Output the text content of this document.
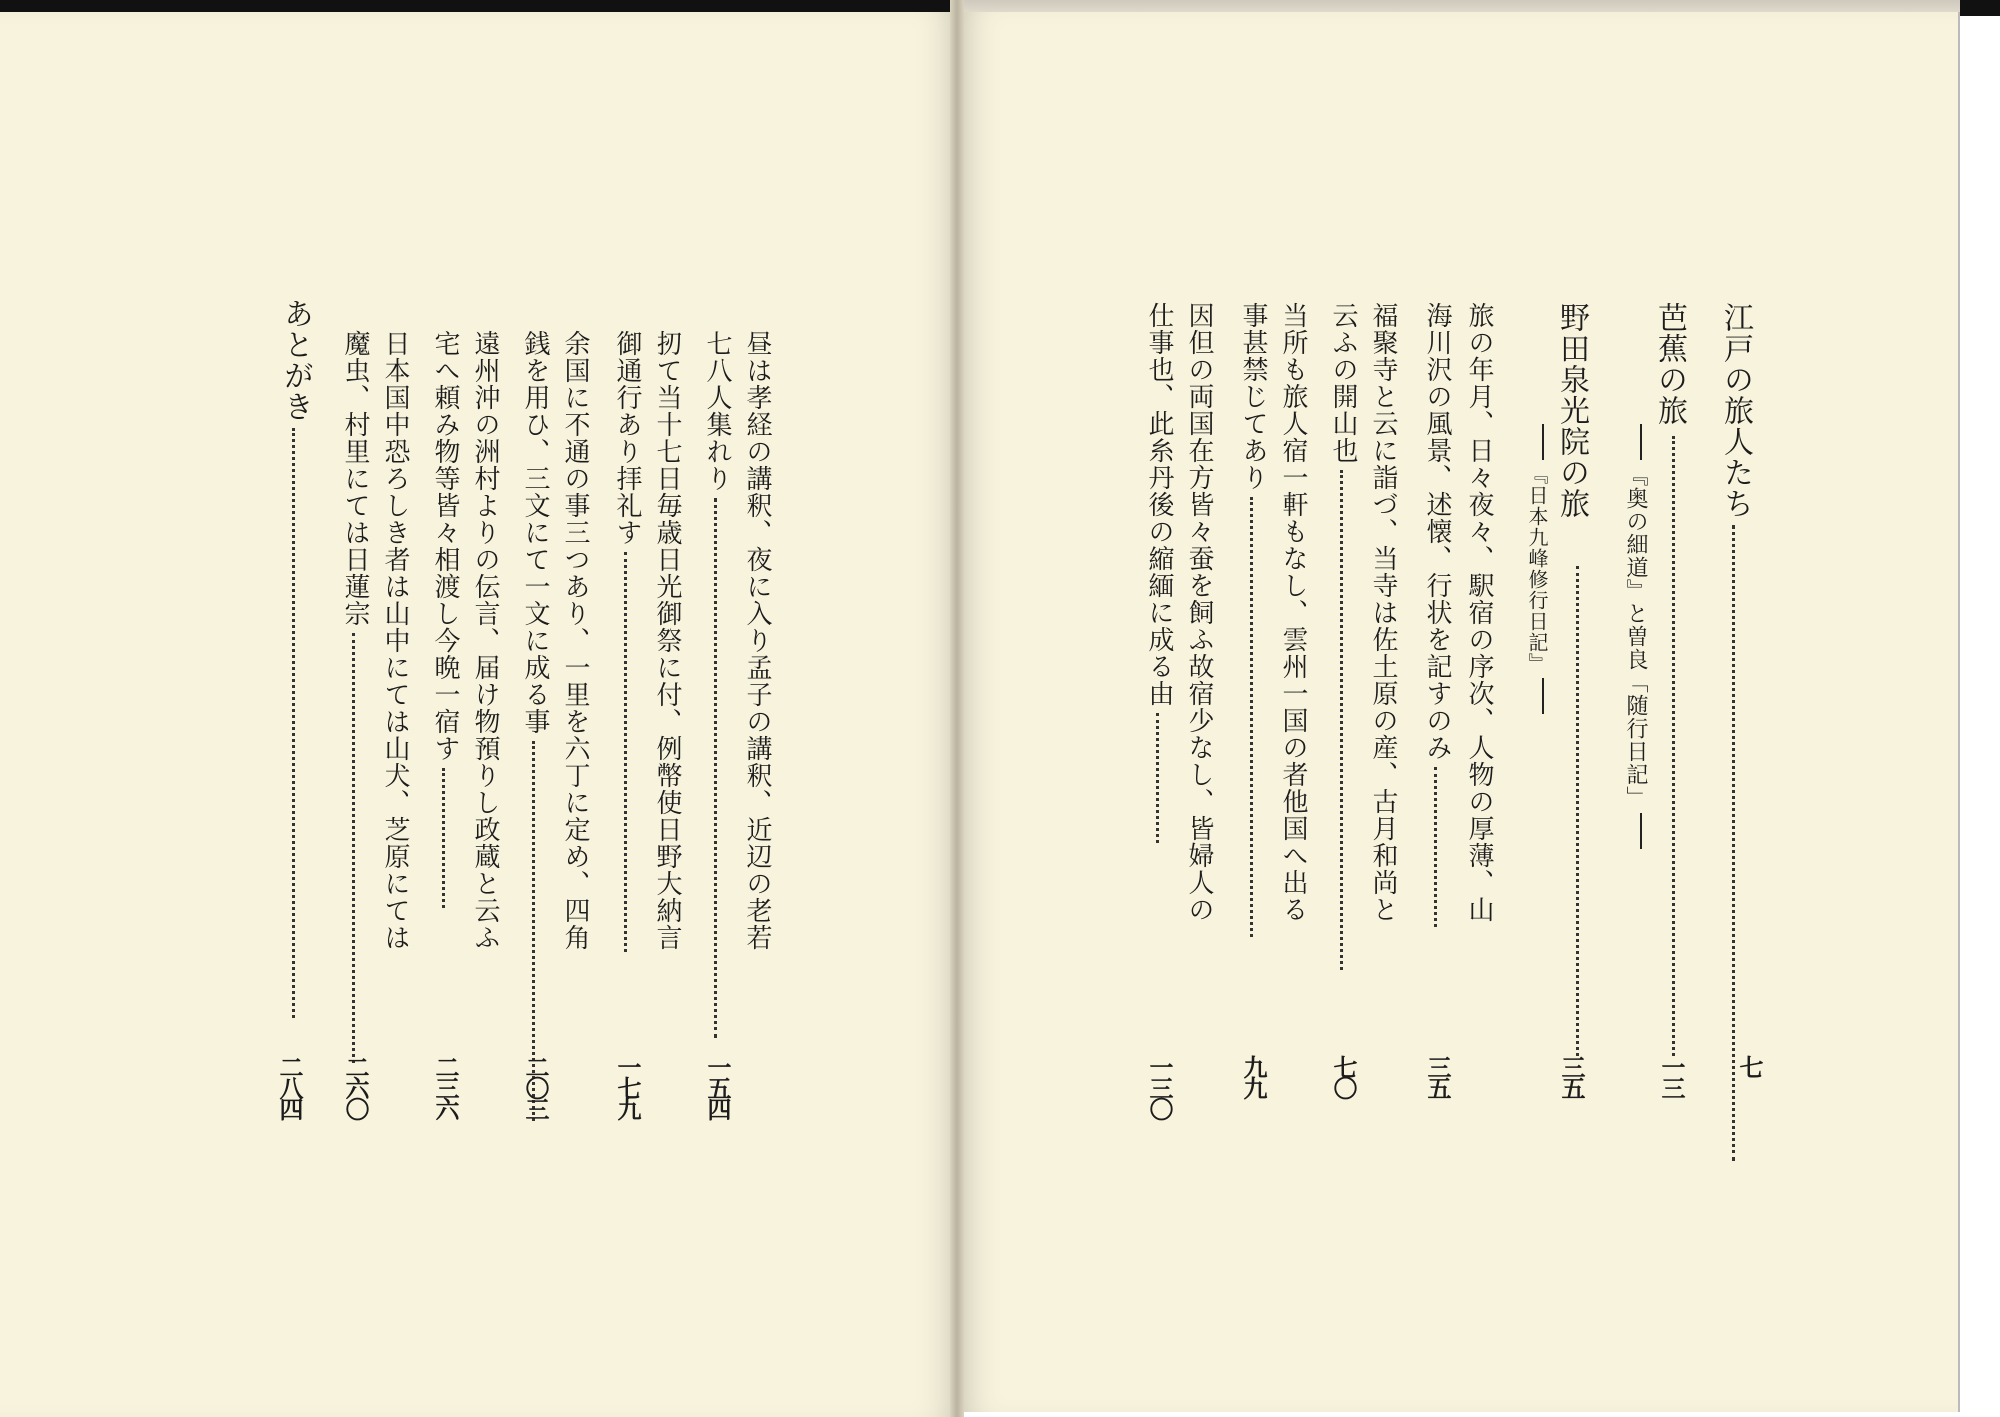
江戸の旅人たち
七
芭蕉の旅
『奥の細道』と曽良「随行日記」
一三
野田泉光院の旅
『日本九峰修行日記』
旅の年月、日々夜々、駅宿の序次、人物の厚薄、山
海川沢の風景、述懐、行状を記すのみ
三五
三五
福聚寺と云に詣づ、当寺は佐土原の産、古月和尚と
云ふの開山也
七〇
当所も旅人宿一軒もなし、雲州一国の者他国へ出る
事甚禁じてあり
九九
因但の両国在方皆々蚕を飼ふ故宿少なし、皆婦人の
仕事也、此糸丹後の縮緬に成る由
一三〇
昼は孝経の講釈、夜に入り孟子の講釈、近辺の老若
七八人集れり
一五四
扨て当十七日毎歳日光御祭に付、例幣使日野大納言
御通行あり拝礼す
一七九
余国に不通の事三つあり、一里を六丁に定め、四角
銭を用ひ、三文にて一文に成る事
二〇三
遠州沖の洲村よりの伝言、届け物預りし政蔵と云ふ
宅へ頼み物等皆々相渡し今晩一宿す
二三六
日本国中恐ろしき者は山中にては山犬、芝原にては
魔虫、村里にては日蓮宗
二六〇
あとがき
二八四
